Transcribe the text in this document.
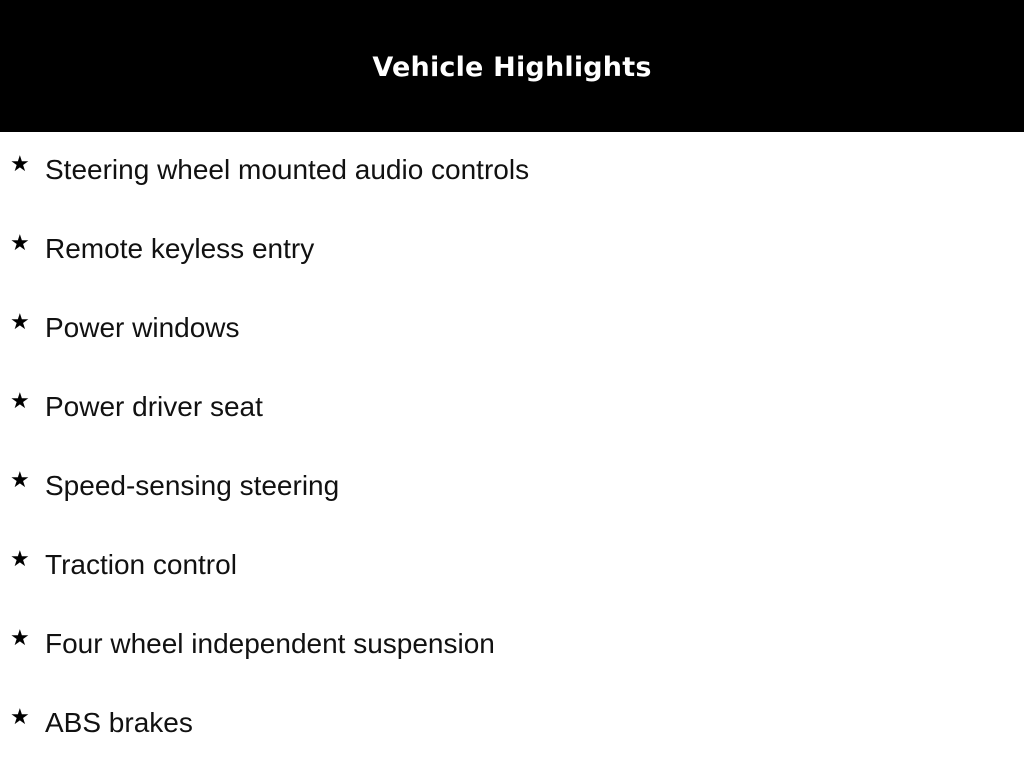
Vehicle Highlights
★ Steering wheel mounted audio controls
★ Remote keyless entry
★ Power windows
★ Power driver seat
★ Speed-sensing steering
★ Traction control
★ Four wheel independent suspension
★ ABS brakes
